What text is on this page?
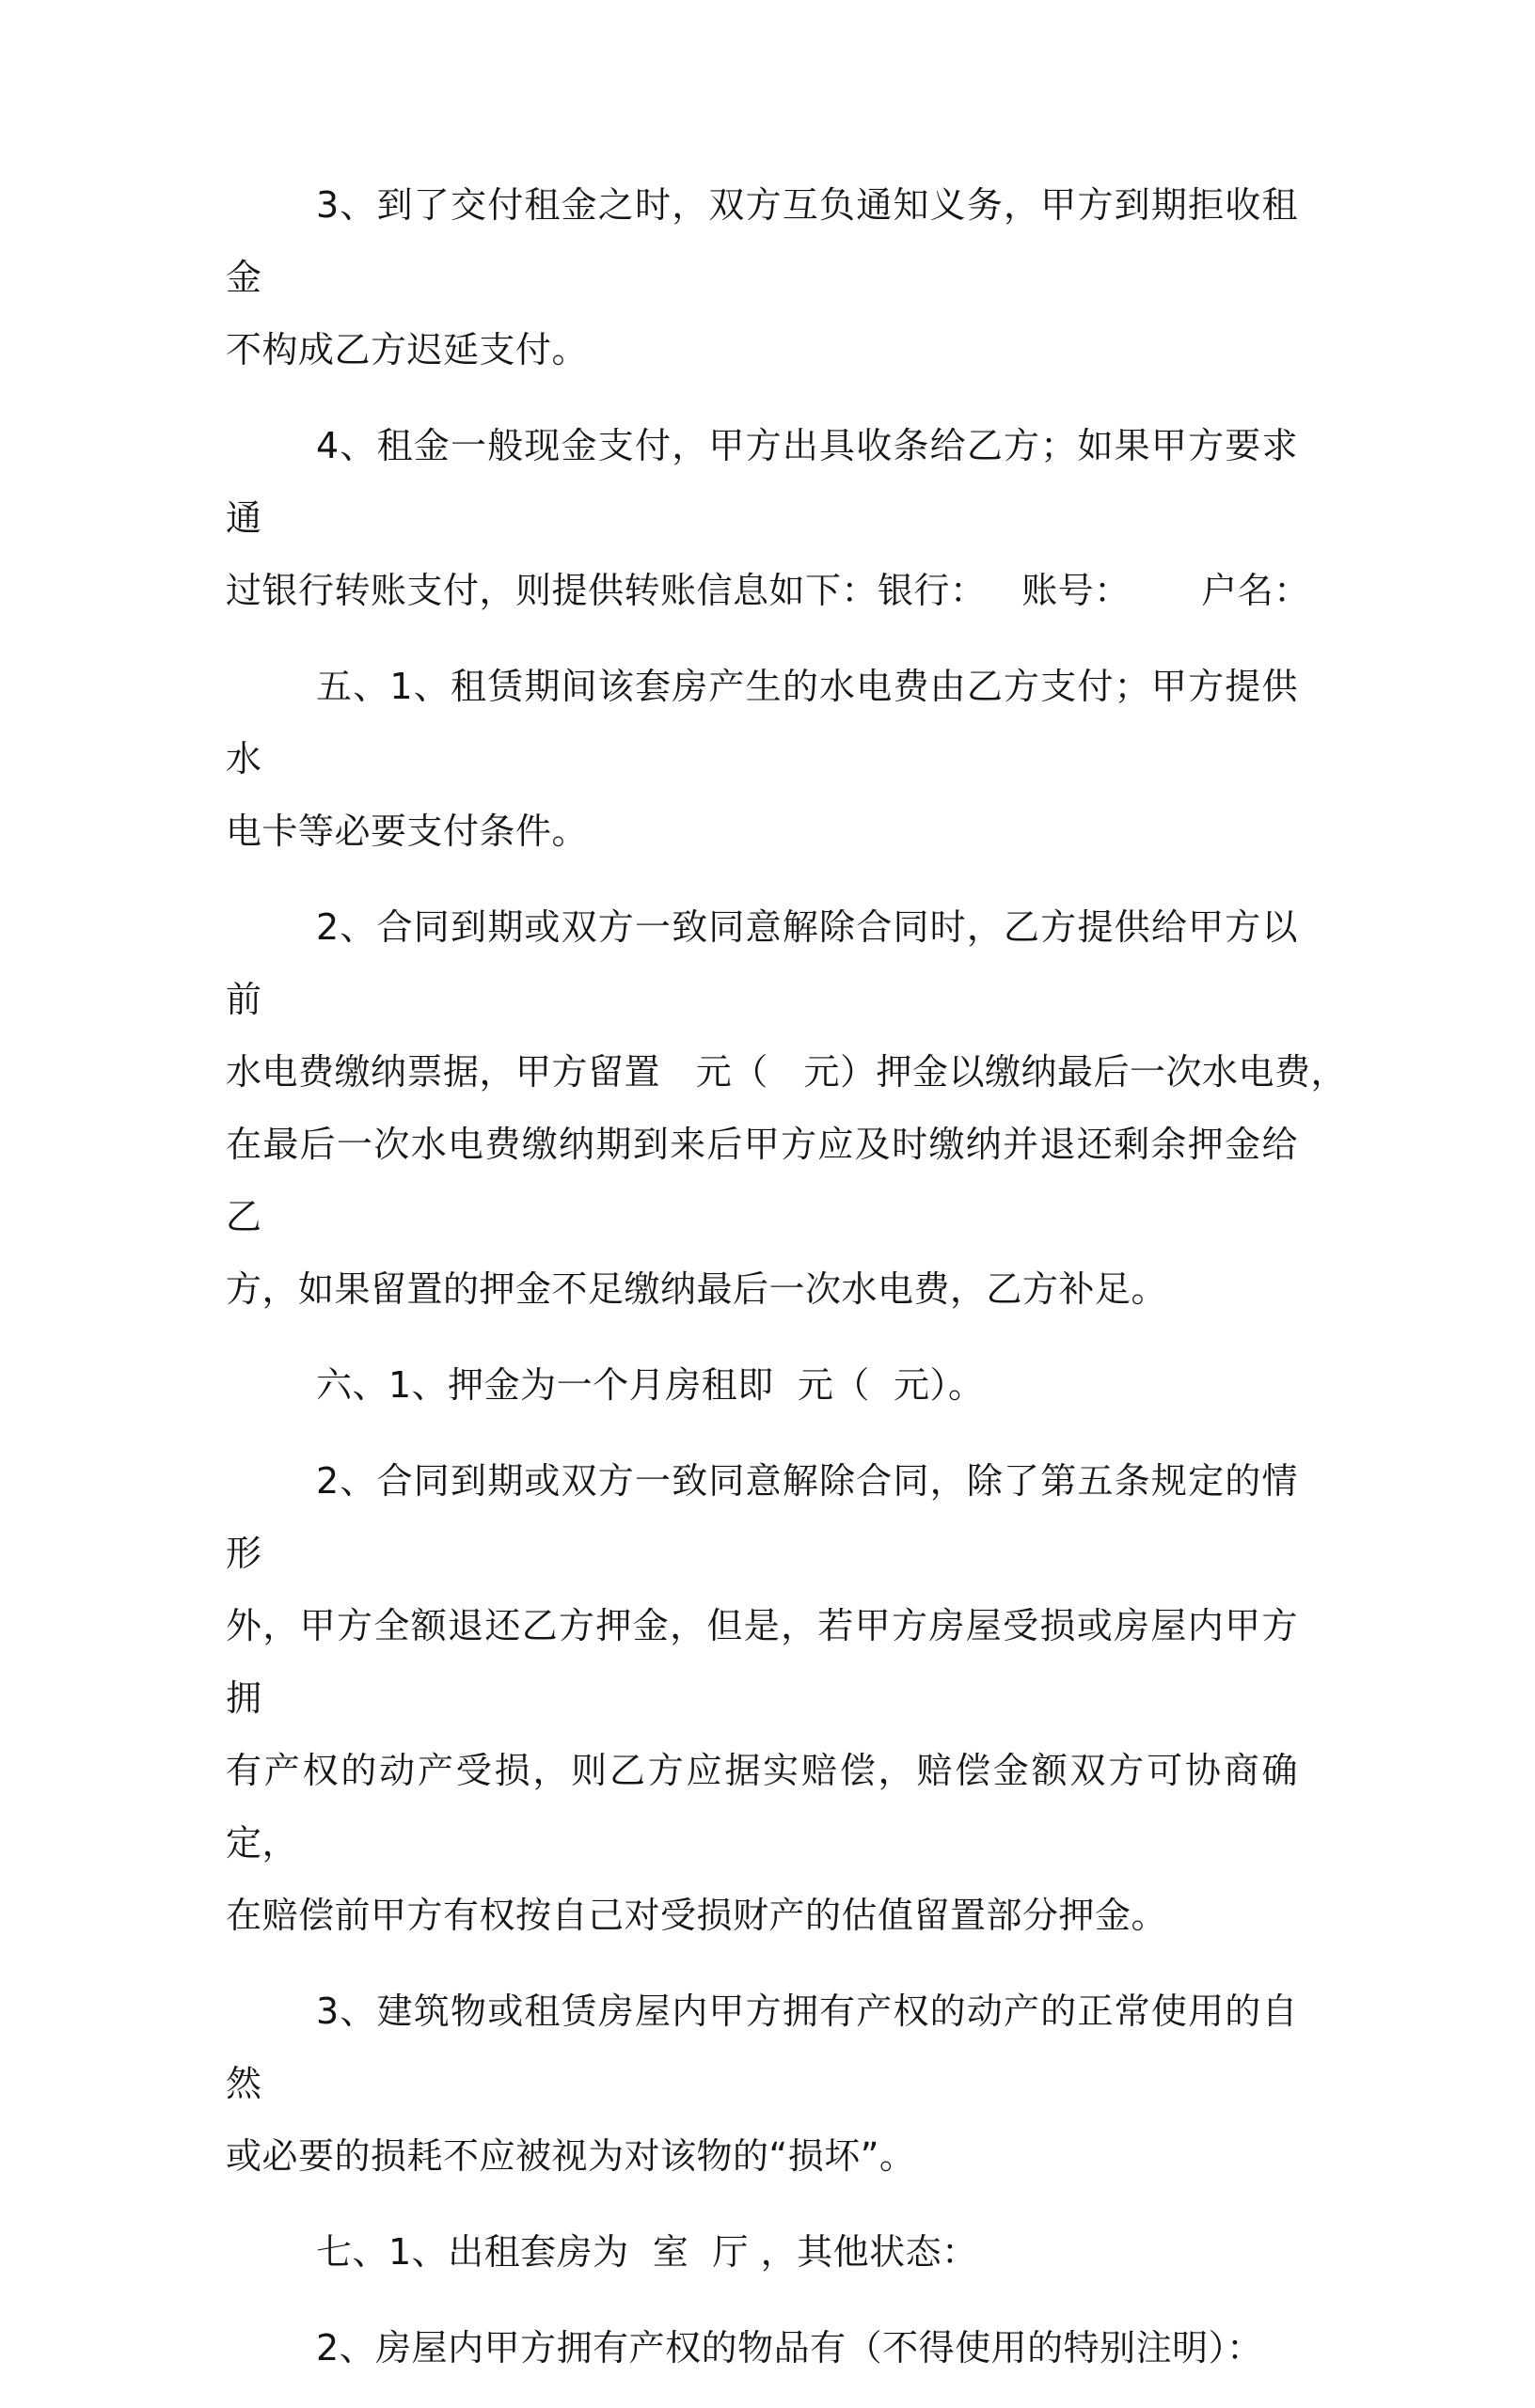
3、到了交付租金之时，双方互负通知义务，甲方到期拒收租金
不构成乙方迟延支付。
4、租金一般现金支付，甲方出具收条给乙方；如果甲方要求通
过银行转账支付，则提供转账信息如下：银行：   账号：      户名：
五、1、租赁期间该套房产生的水电费由乙方支付；甲方提供水
电卡等必要支付条件。
2、合同到期或双方一致同意解除合同时，乙方提供给甲方以前
水电费缴纳票据，甲方留置   元（   元）押金以缴纳最后一次水电费，
在最后一次水电费缴纳期到来后甲方应及时缴纳并退还剩余押金给乙
方，如果留置的押金不足缴纳最后一次水电费，乙方补足。
六、1、押金为一个月房租即  元（  元）。
2、合同到期或双方一致同意解除合同，除了第五条规定的情形
外，甲方全额退还乙方押金，但是，若甲方房屋受损或房屋内甲方拥
有产权的动产受损，则乙方应据实赔偿，赔偿金额双方可协商确定，
在赔偿前甲方有权按自己对受损财产的估值留置部分押金。
3、建筑物或租赁房屋内甲方拥有产权的动产的正常使用的自然
或必要的损耗不应被视为对该物的“损坏”。
七、1、出租套房为  室  厅 ，其他状态：
2、房屋内甲方拥有产权的物品有（不得使用的特别注明）：
